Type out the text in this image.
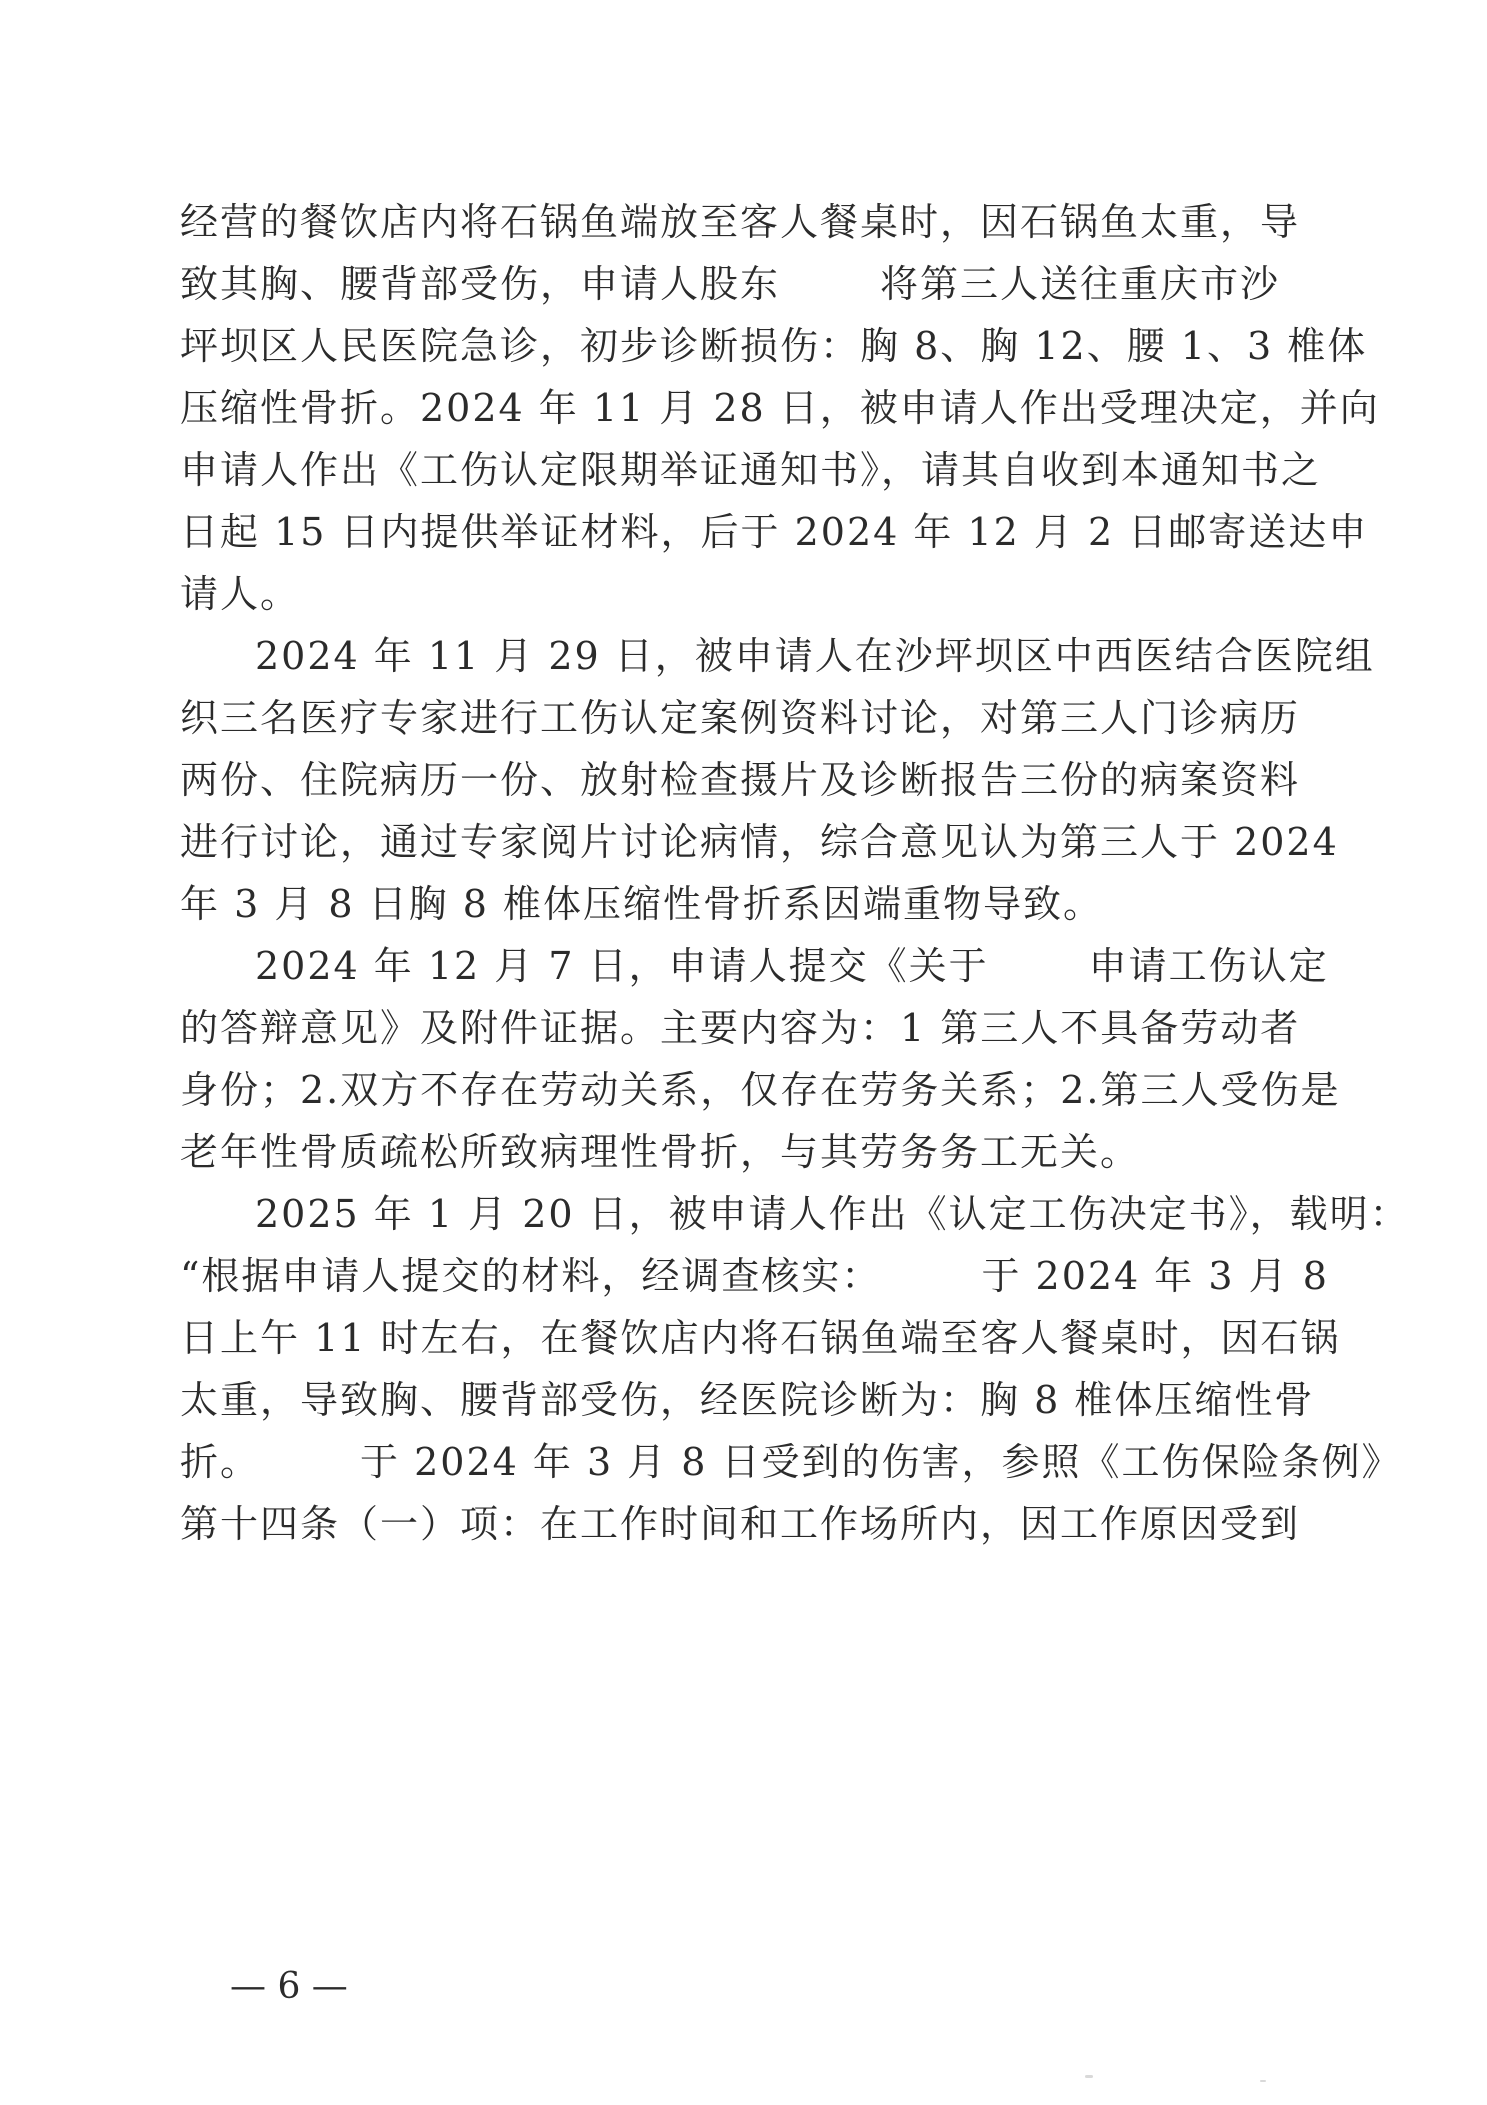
经营的餐饮店内将石锅鱼端放至客人餐桌时，因石锅鱼太重，导
致其胸、腰背部受伤，申请人股东	将第三人送往重庆市沙
坪坝区人民医院急诊，初步诊断损伤：胸 8、胸 12、腰 1、3 椎体
压缩性骨折。2024 年 11 月 28 日，被申请人作出受理决定，并向
申请人作出《工伤认定限期举证通知书》，请其自收到本通知书之
日起 15 日内提供举证材料，后于 2024 年 12 月 2 日邮寄送达申
请人。
2024 年 11 月 29 日，被申请人在沙坪坝区中西医结合医院组
织三名医疗专家进行工伤认定案例资料讨论，对第三人门诊病历
两份、住院病历一份、放射检查摄片及诊断报告三份的病案资料
进行讨论，通过专家阅片讨论病情，综合意见认为第三人于 2024
年 3 月 8 日胸 8 椎体压缩性骨折系因端重物导致。
2024 年 12 月 7 日，申请人提交《关于	申请工伤认定
的答辩意见》及附件证据。主要内容为：1 第三人不具备劳动者
身份；2.双方不存在劳动关系，仅存在劳务关系；2.第三人受伤是
老年性骨质疏松所致病理性骨折，与其劳务务工无关。
2025 年 1 月 20 日，被申请人作出《认定工伤决定书》，载明：
“根据申请人提交的材料，经调查核实：	于 2024 年 3 月 8
日上午 11 时左右，在餐饮店内将石锅鱼端至客人餐桌时，因石锅
太重，导致胸、腰背部受伤，经医院诊断为：胸 8 椎体压缩性骨
折。	于 2024 年 3 月 8 日受到的伤害，参照《工伤保险条例》
第十四条（一）项：在工作时间和工作场所内，因工作原因受到
— 6 —
